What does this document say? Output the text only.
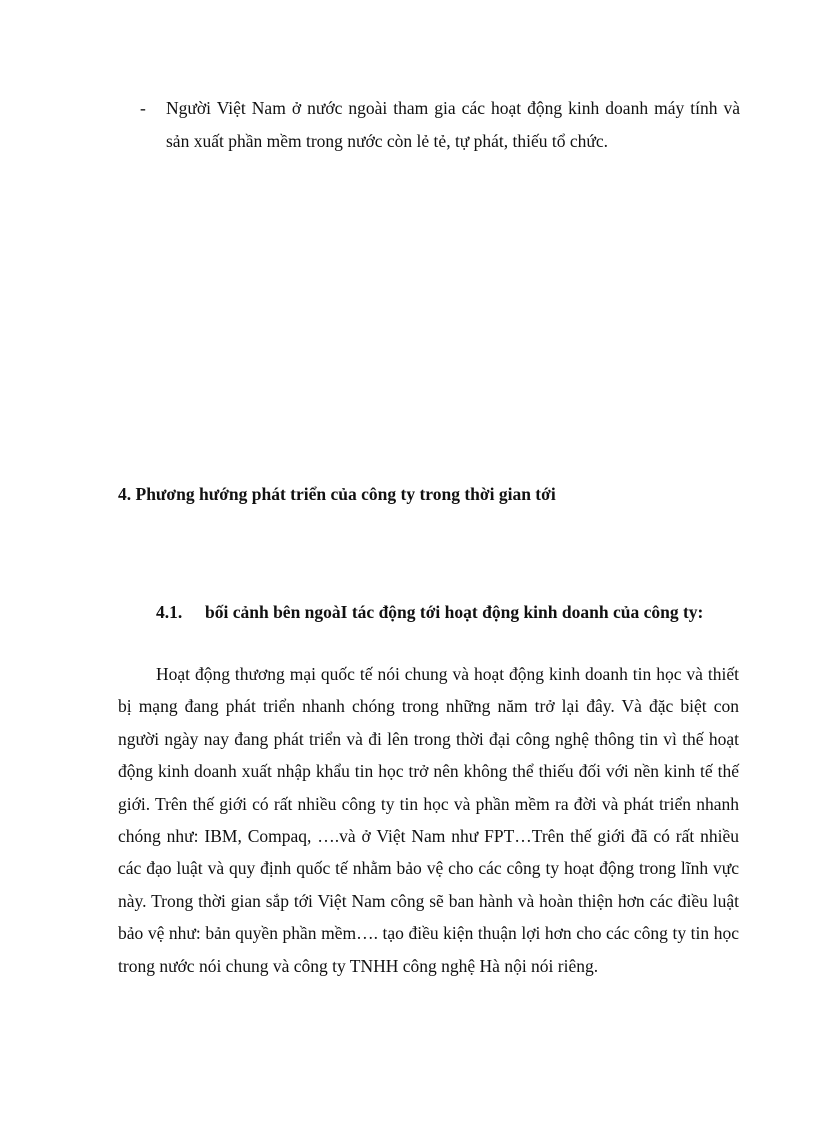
- Người Việt Nam ở nước ngoài tham gia các hoạt động kinh doanh máy tính và sản xuất phần mềm trong nước còn lẻ tẻ, tự phát, thiếu tổ chức.
4. Phương hướng phát triển của công ty trong thời gian tới
4.1. bối cảnh bên ngoàI tác động tới hoạt động kinh doanh của công ty:
Hoạt động thương mại quốc tế nói chung và hoạt động kinh doanh tin học và thiết bị mạng đang phát triển nhanh chóng trong những năm trở lại đây. Và đặc biệt con người ngày nay đang phát triển và đi lên trong thời đại công nghệ thông tin vì thế hoạt động kinh doanh xuất nhập khẩu tin học trở nên không thể thiếu đối với nền kinh tế thế giới. Trên thế giới có rất nhiều công ty tin học và phần mềm ra đời và phát triển nhanh chóng như: IBM, Compaq, ….và ở Việt Nam như FPT…Trên thế giới đã có rất nhiều các đạo luật và quy định quốc tế nhằm bảo vệ cho các công ty hoạt động trong lĩnh vực này. Trong thời gian sắp tới Việt Nam công sẽ ban hành và hoàn thiện hơn các điều luật bảo vệ như: bản quyền phần mềm…. tạo điều kiện thuận lợi hơn cho các công ty tin học trong nước nói chung và công ty TNHH công nghệ Hà nội nói riêng.
